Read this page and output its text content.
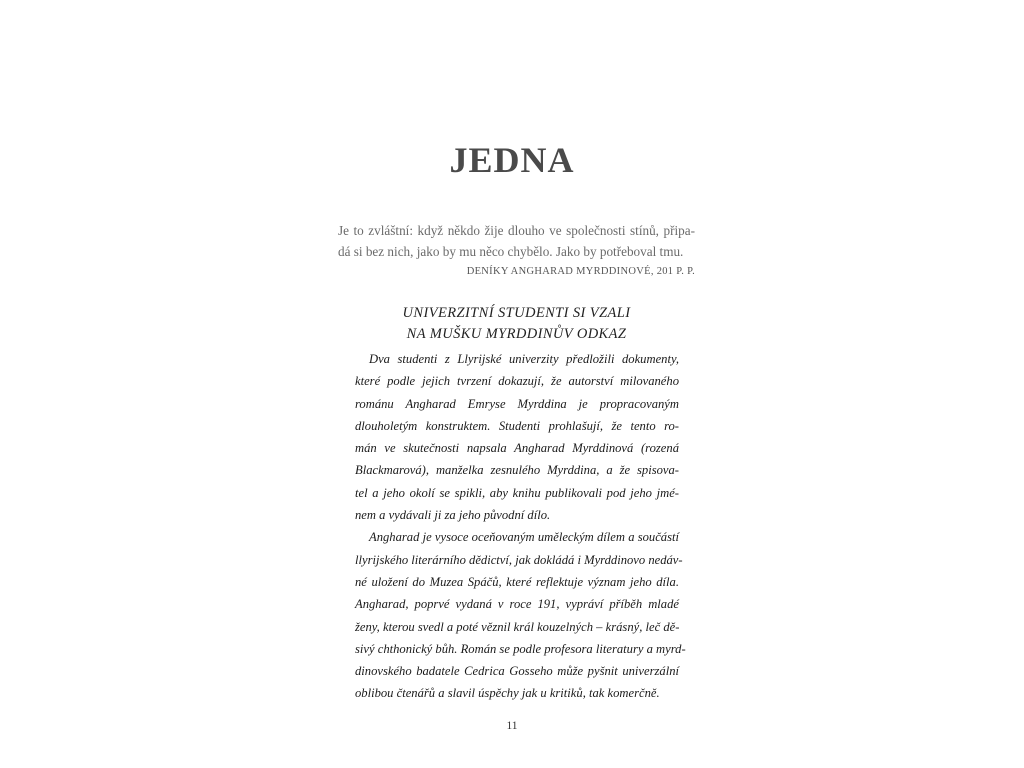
JEDNA
Je to zvláštní: když někdo žije dlouho ve společnosti stínů, připa-
dá si bez nich, jako by mu něco chybělo. Jako by potřeboval tmu.
DENÍKY ANGHARAD MYRDDINOVÉ, 201 P. P.
UNIVERZITNÍ STUDENTI SI VZALI
NA MUŠKU MYRDDINŮV ODKAZ
Dva studenti z Llyrijské univerzity předložili dokumenty,
které podle jejich tvrzení dokazují, že autorství milovaného
románu Angharad Emryse Myrddina je propracovaným
dlouholetým konstruktem. Studenti prohlašují, že tento ro-
mán ve skutečnosti napsala Angharad Myrddinová (rozená
Blackmarová), manželka zesnulého Myrddina, a že spisova-
tel a jeho okolí se spikli, aby knihu publikovali pod jeho jmé-
nem a vydávali ji za jeho původní dílo.
Angharad je vysoce oceňovaným uměleckým dílem a součástí
llyrijského literárního dědictví, jak dokládá i Myrddinovo nedáv-
né uložení do Muzea Spáčů, které reflektuje význam jeho díla.
Angharad, poprvé vydaná v roce 191, vypráví příběh mladé
ženy, kterou svedl a poté věznil král kouzelných – krásný, leč dě-
sivý chthonický bůh. Román se podle profesora literatury a myrd-
dinovského badatele Cedrica Gosseho může pyšnit univerzální
oblibou čtenářů a slavil úspěchy jak u kritiků, tak komerčně.
11
